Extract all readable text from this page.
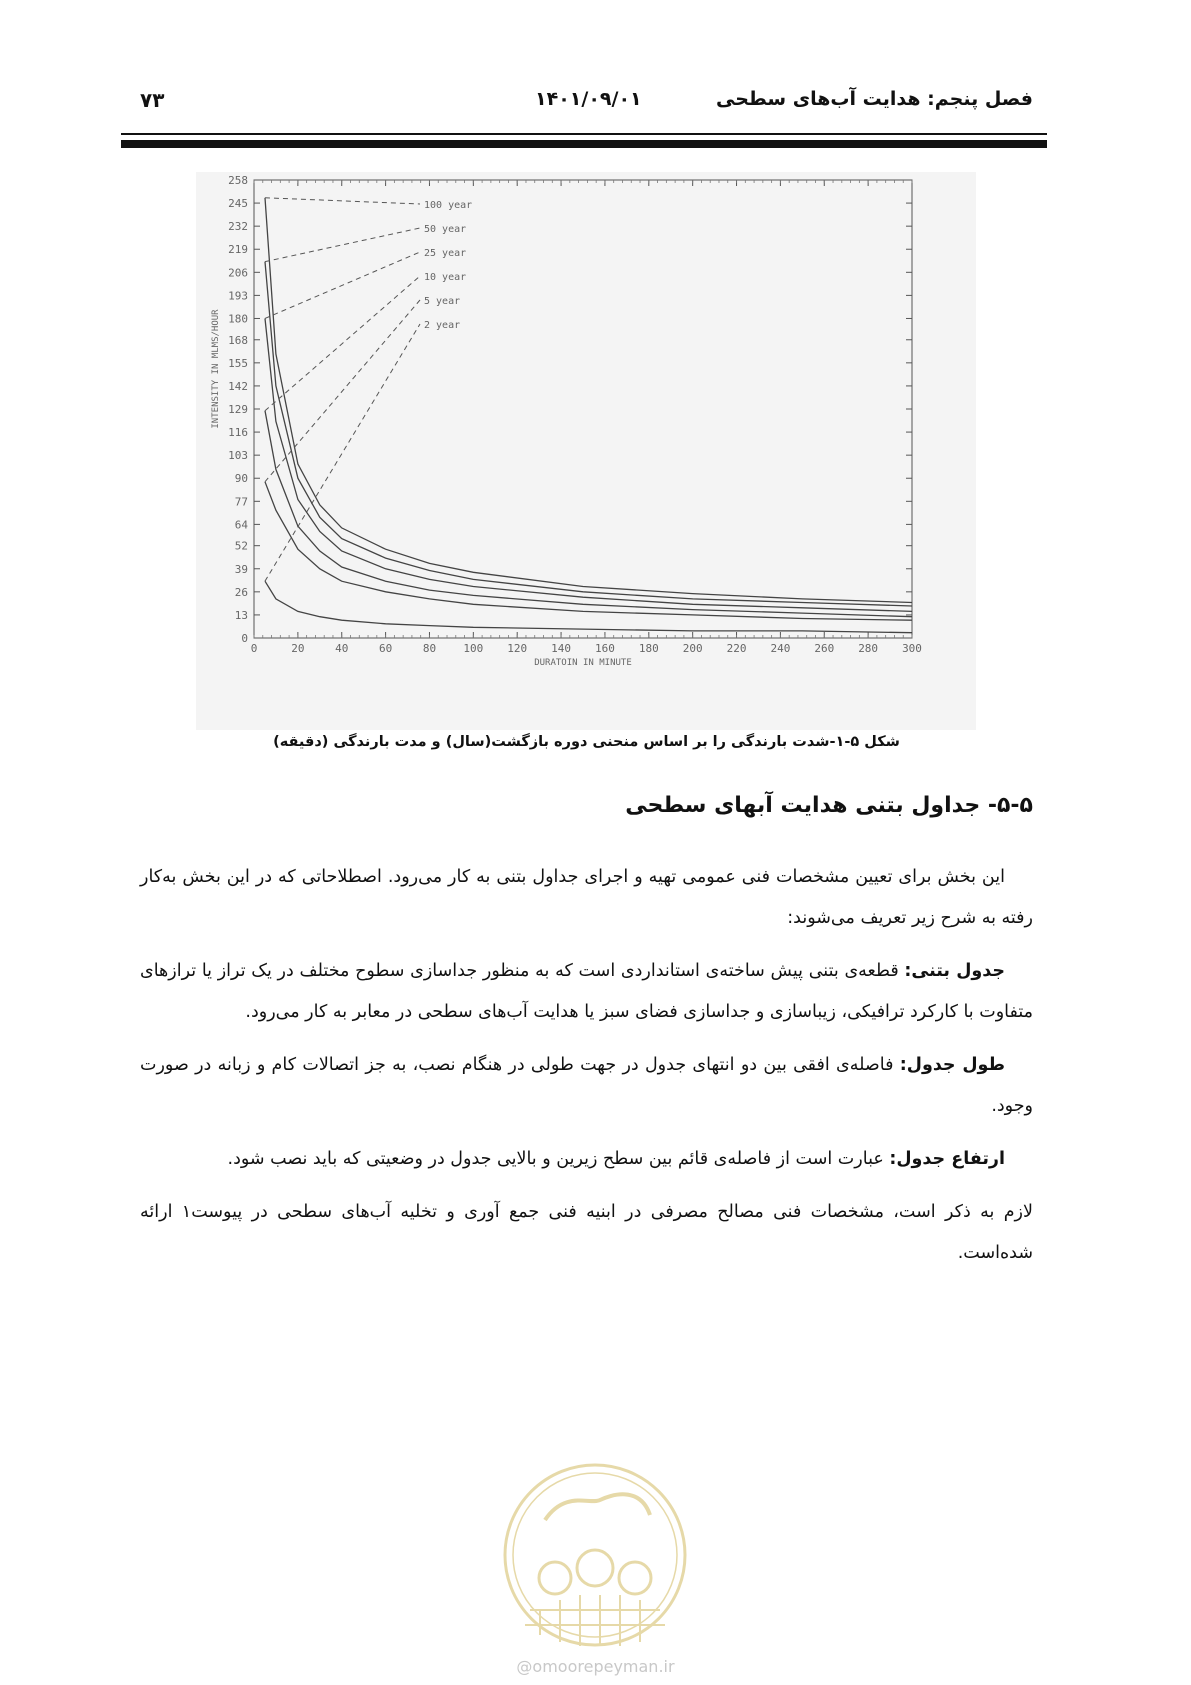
۷۳	۱۴۰۱/۰۹/۰۱	فصل پنجم: هدایت آب‌های سطحی
0
13
26
39
52
64
77
90
103
116
129
142
155
168
180
193
206
219
232
245
258
0	20	40	60	80 100 120 140 160 180 200 220 240 260 280 300
DURATOIN IN MINUTE
INTENSITY IN MLMS/HOUR
100 year
50 year
25 year
10 year
5 year
2 year
شکل ۵-۱-شدت بارندگی را بر اساس منحنی دوره بازگشت(سال) و مدت بارندگی (دقیقه)
۵-۵- جداول بتنی هدایت آبهای سطحی

این بخش برای تعیین مشخصات فنی عمومی تهیه و اجرای جداول بتنی به کار می‌رود. اصطلاحاتی که در این بخش به‌کار رفته به شرح زیر تعریف می‌شوند:

جدول بتنی: قطعه‌ی بتنی پیش ساخته‌ی استانداردی است که به منظور جداسازی سطوح مختلف در یک تراز یا ترازهای متفاوت با کارکرد ترافیکی، زیباسازی و جداسازی فضای سبز یا هدایت آب‌های سطحی در معابر به کار می‌رود.

طول جدول: فاصله‌ی افقی بین دو انتهای جدول در جهت طولی در هنگام نصب، به جز اتصالات کام و زبانه در صورت وجود.

ارتفاع جدول: عبارت است از فاصله‌ی قائم بین سطح زیرین و بالایی جدول در وضعیتی که باید نصب شود.

لازم به ذکر است، مشخصات فنی مصالح مصرفی در ابنیه فنی جمع آوری و تخلیه آب‌های سطحی در پیوست۱ ارائه شده‌است.

@omoorepeyman.ir
